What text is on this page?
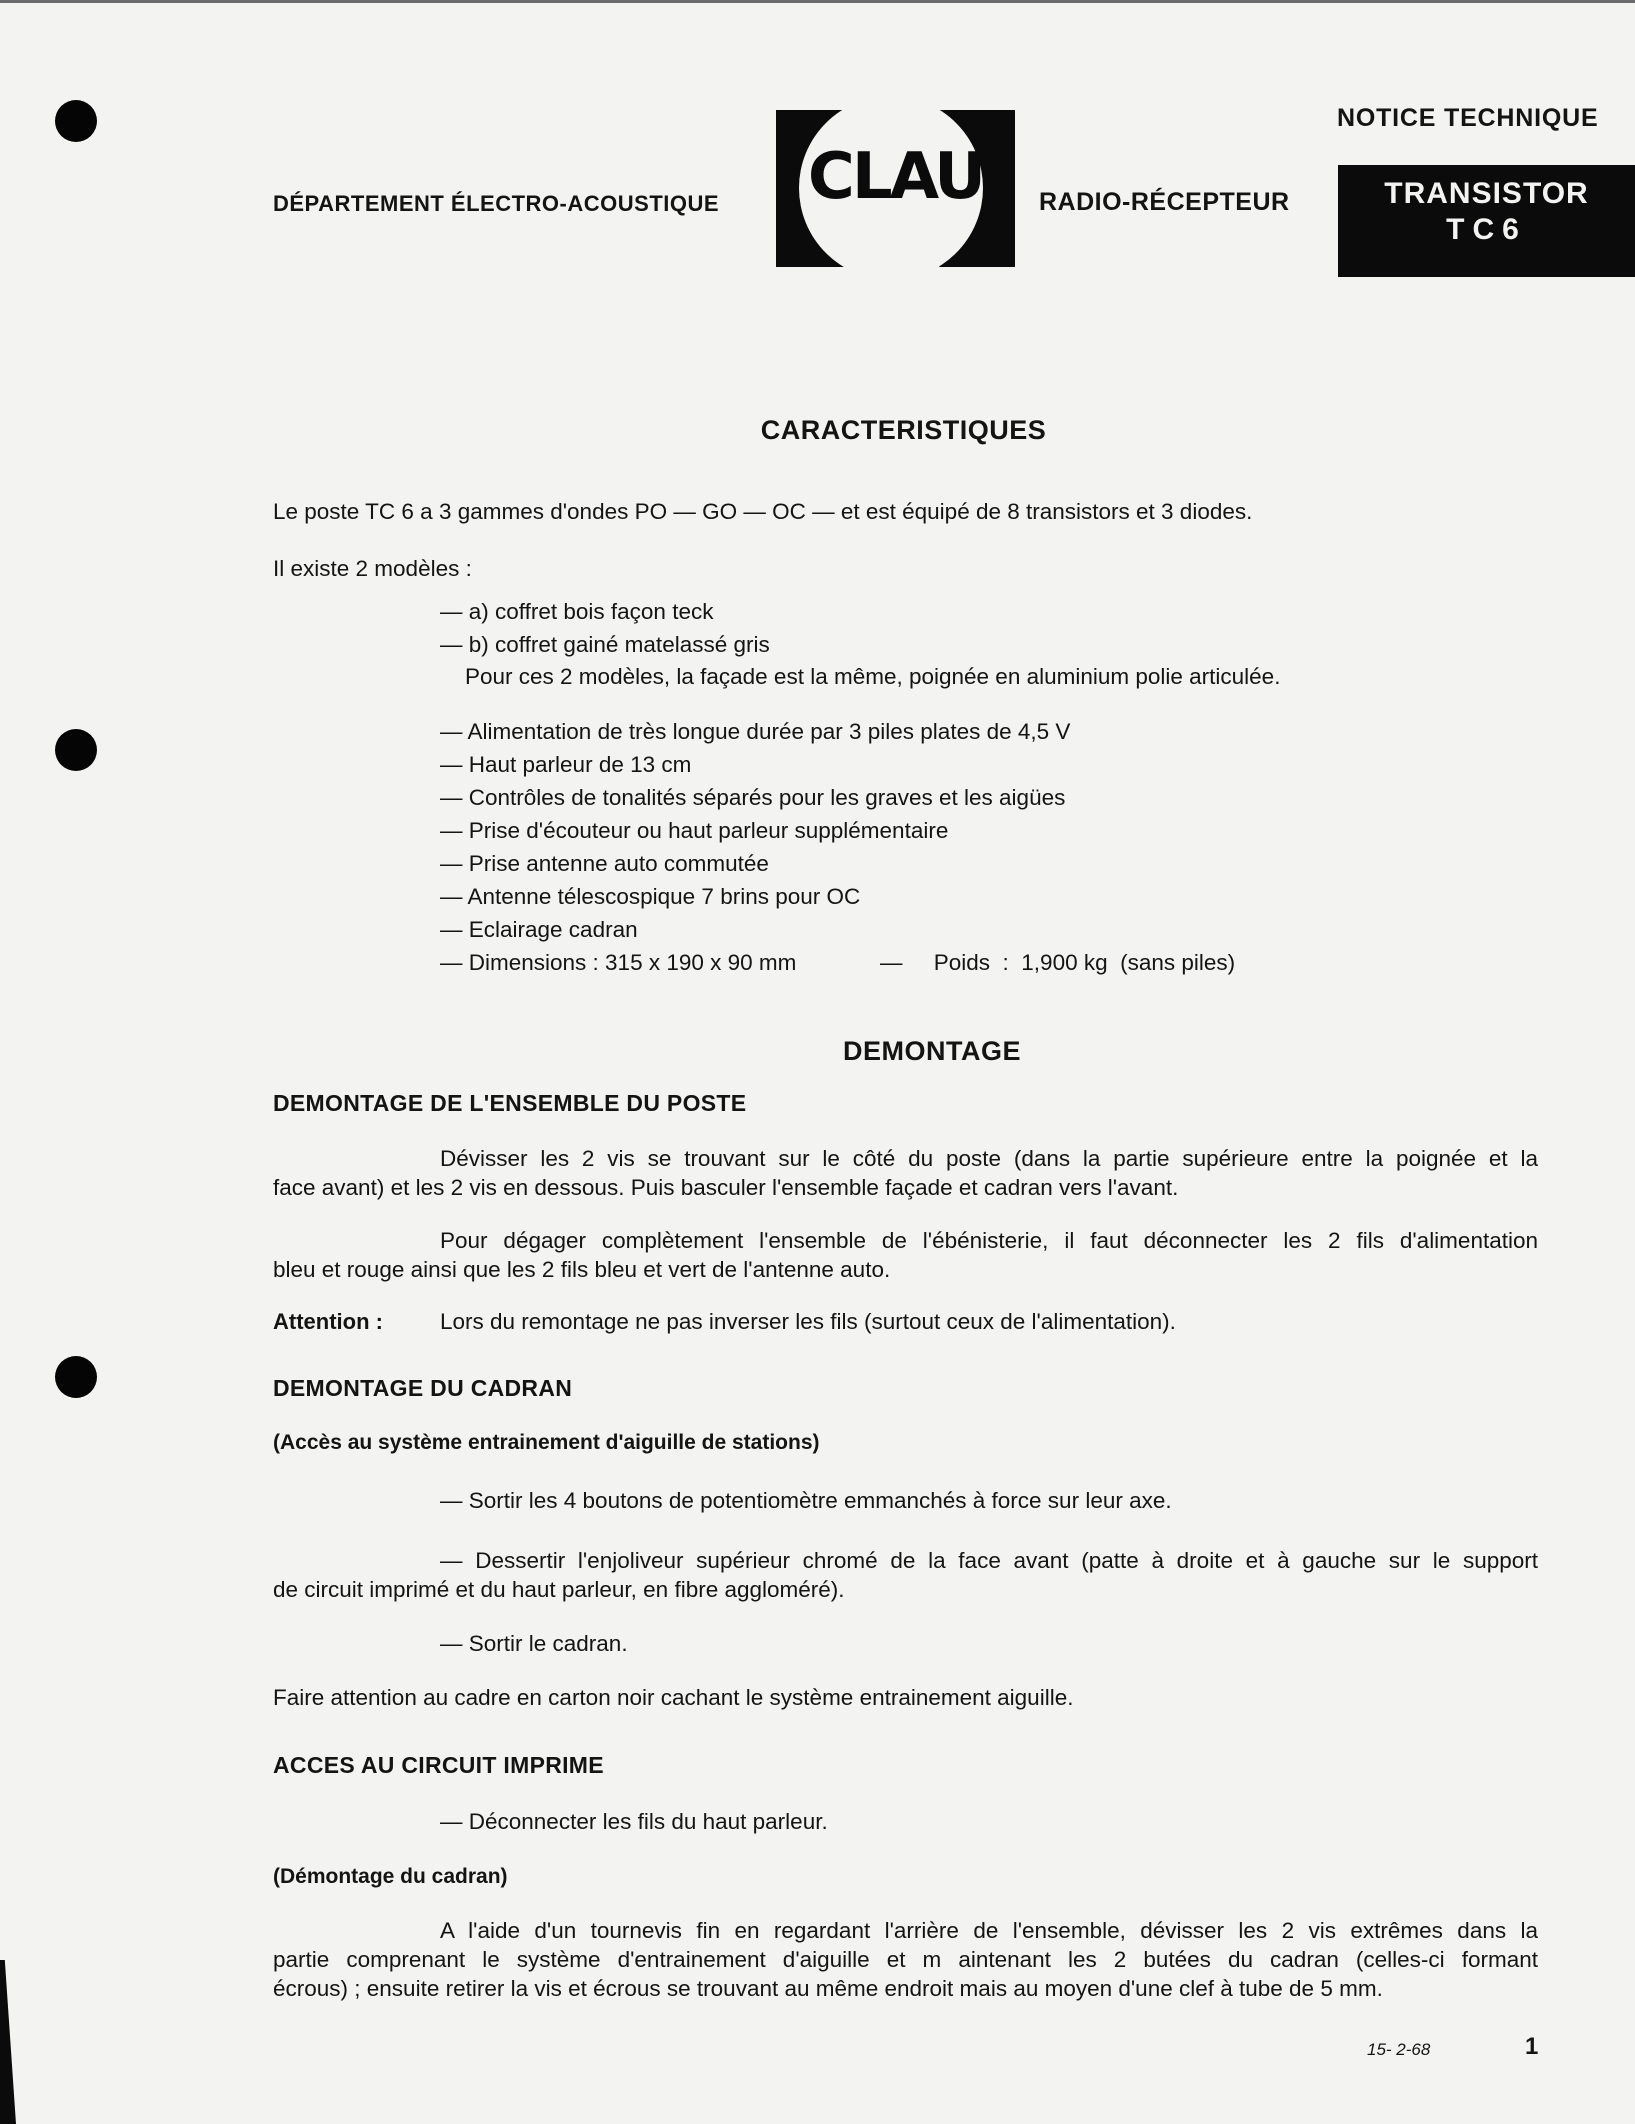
DÉPARTEMENT ÉLECTRO-ACOUSTIQUE	CLAUDE
RADIO-RÉCEPTEUR
NOTICE TECHNIQUE
TRANSISTOR
TC6
CARACTERISTIQUES
Le poste TC 6 a 3 gammes d'ondes PO — GO — OC — et est équipé de 8 transistors et 3 diodes.
Il existe 2 modèles :
— a) coffret bois façon teck
— b) coffret gainé matelassé gris
Pour ces 2 modèles, la façade est la même, poignée en aluminium polie articulée.
— Alimentation de très longue durée par 3 piles plates de 4,5 V
— Haut parleur de 13 cm
— Contrôles de tonalités séparés pour les graves et les aigües
— Prise d'écouteur ou haut parleur supplémentaire
— Prise antenne auto commutée
— Antenne télescospique 7 brins pour OC
— Eclairage cadran
— Dimensions : 315 x 190 x 90 mm	—     Poids  :  1,900 kg  (sans piles)
DEMONTAGE
DEMONTAGE DE L'ENSEMBLE DU POSTE
Dévisser les 2 vis se trouvant sur le côté du poste (dans la partie supérieure entre la poignée et la
face avant) et les 2 vis en dessous. Puis basculer l'ensemble façade et cadran vers l'avant.
Pour dégager complètement l'ensemble de l'ébénisterie, il faut déconnecter les 2 fils d'alimentation
bleu et rouge ainsi que les 2 fils bleu et vert de l'antenne auto.
Attention :	Lors du remontage ne pas inverser les fils (surtout ceux de l'alimentation).
DEMONTAGE DU CADRAN
(Accès au système entrainement d'aiguille de stations)
— Sortir les 4 boutons de potentiomètre emmanchés à force sur leur axe.
— Dessertir l'enjoliveur supérieur chromé de la face avant (patte à droite et à gauche sur le support
de circuit imprimé et du haut parleur, en fibre aggloméré).
— Sortir le cadran.
Faire attention au cadre en carton noir cachant le système entrainement aiguille.
ACCES AU CIRCUIT IMPRIME
— Déconnecter les fils du haut parleur.
(Démontage du cadran)
A l'aide d'un tournevis fin en regardant l'arrière de l'ensemble, dévisser les 2 vis extrêmes dans la
partie comprenant le système d'entrainement d'aiguille et m aintenant les 2 butées du cadran (celles-ci formant
écrous) ; ensuite retirer la vis et écrous se trouvant au même endroit mais au moyen d'une clef à tube de 5 mm.
15- 2-68	1
